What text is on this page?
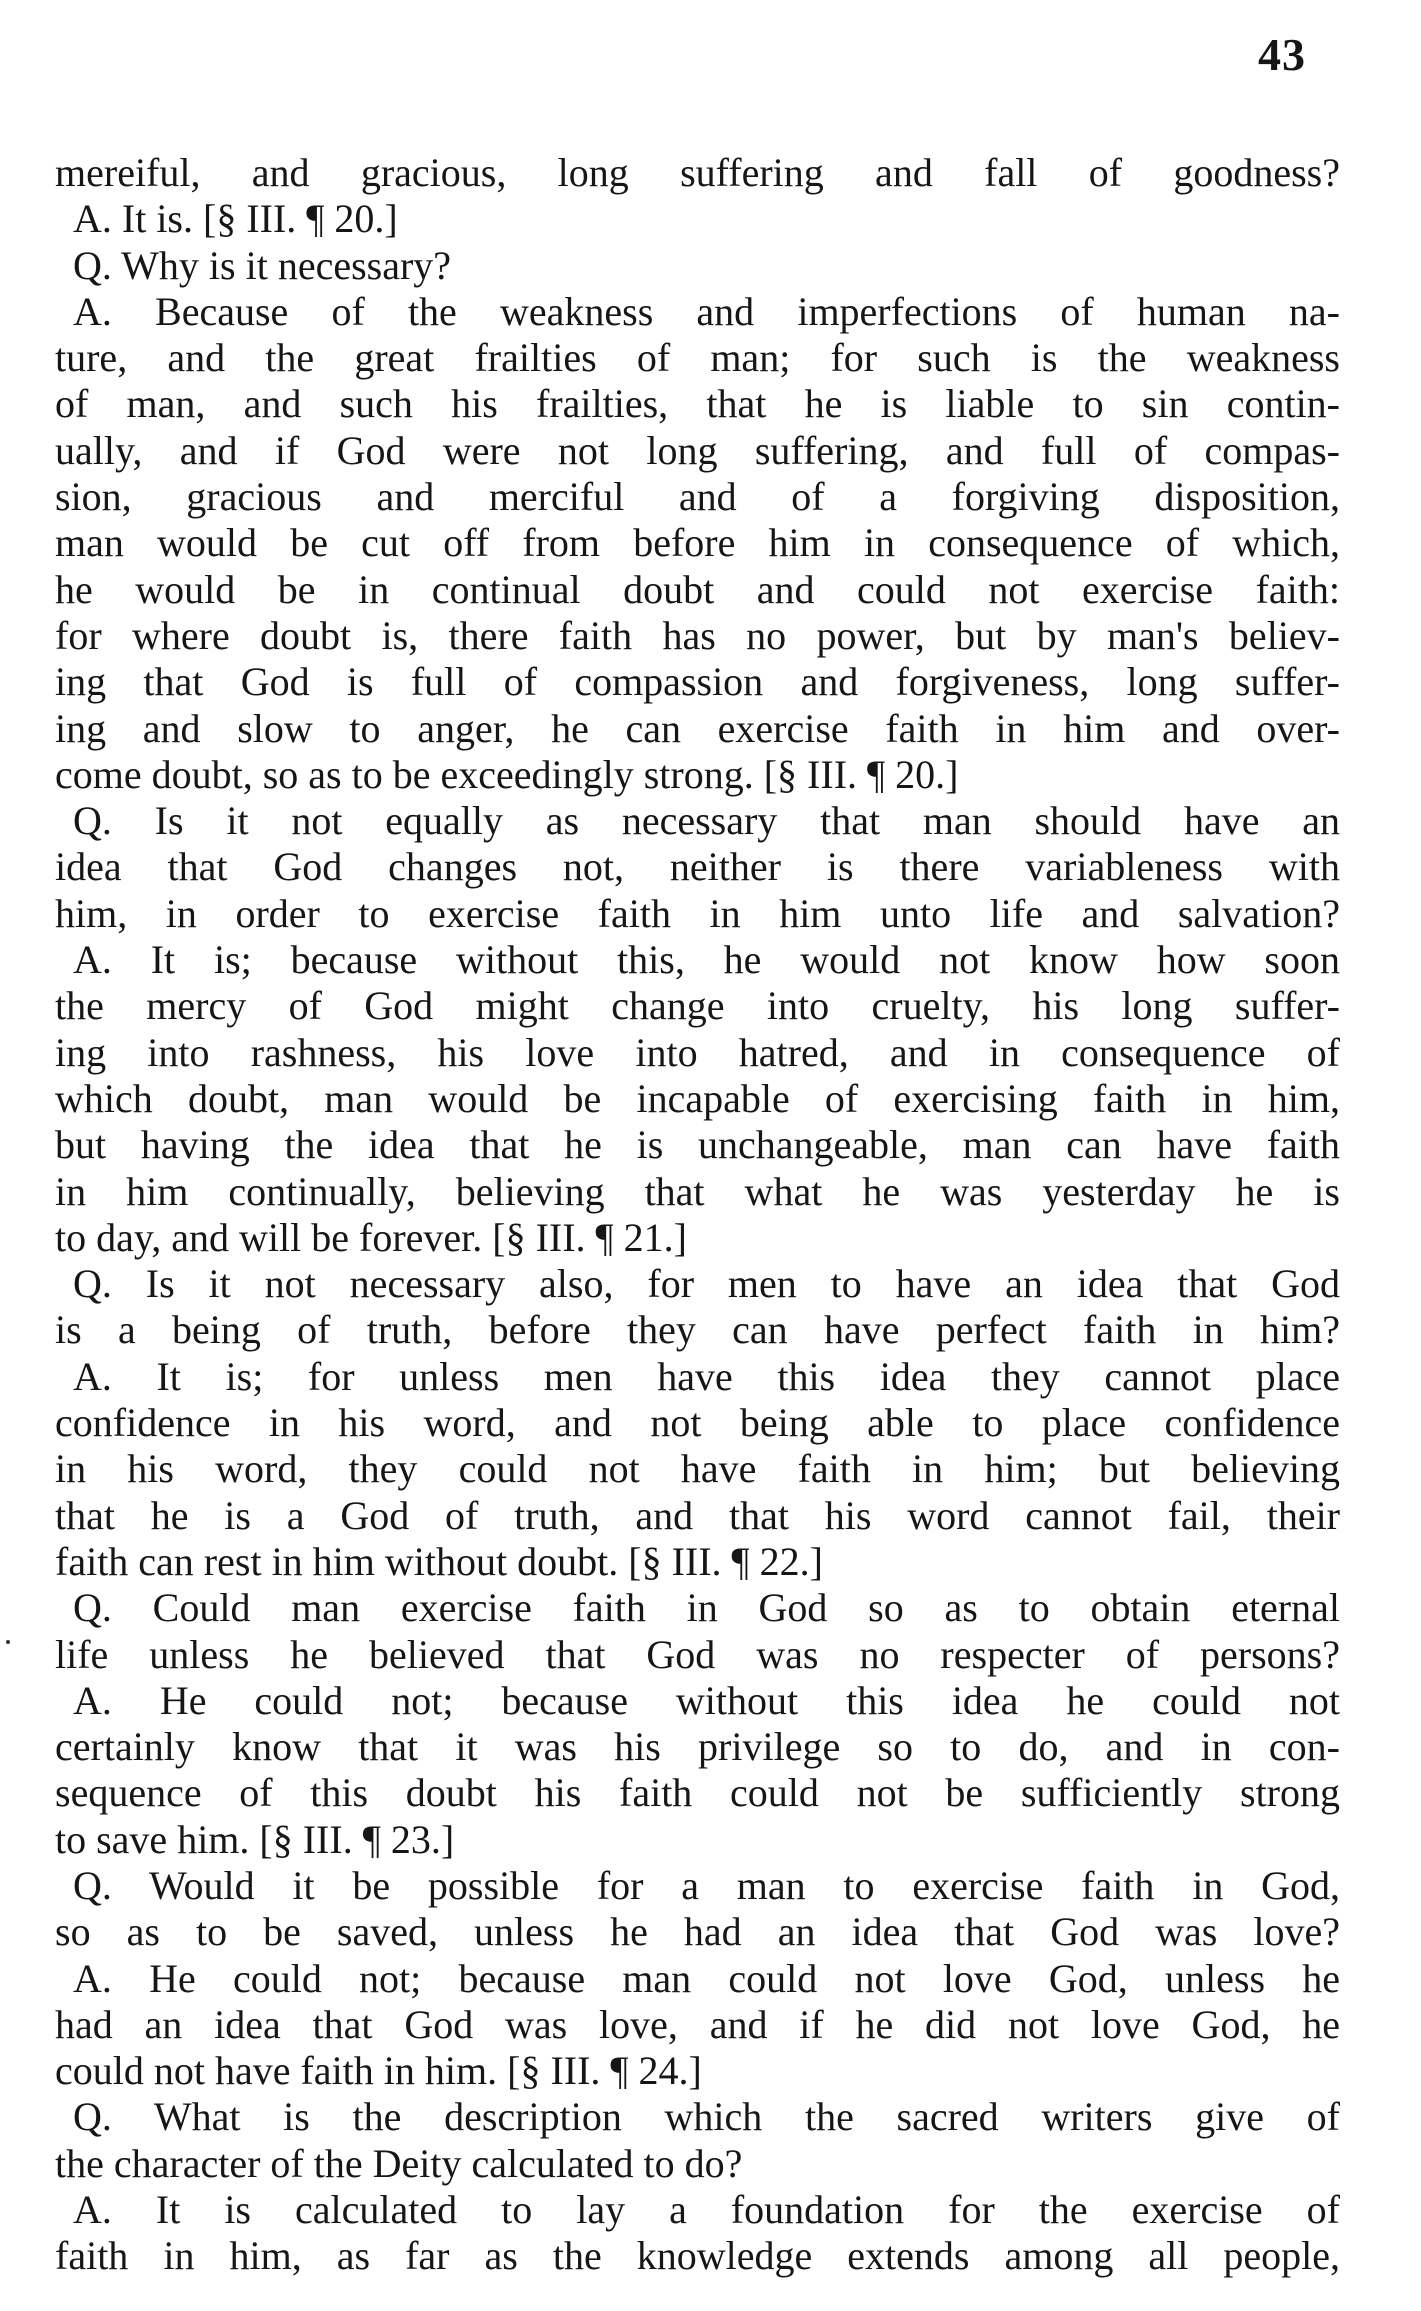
43
mereiful, and gracious, long suffering and fall of goodness?
A. It is. [§ III. ¶ 20.]
Q. Why is it necessary?
A. Because of the weakness and imperfections of human na-
ture, and the great frailties of man; for such is the weakness
of man, and such his frailties, that he is liable to sin contin-
ually, and if God were not long suffering, and full of compas-
sion, gracious and merciful and of a forgiving disposition,
man would be cut off from before him in consequence of which,
he would be in continual doubt and could not exercise faith:
for where doubt is, there faith has no power, but by man's believ-
ing that God is full of compassion and forgiveness, long suffer-
ing and slow to anger, he can exercise faith in him and over-
come doubt, so as to be exceedingly strong. [§ III. ¶ 20.]
Q. Is it not equally as necessary that man should have an
idea that God changes not, neither is there variableness with
him, in order to exercise faith in him unto life and salvation?
A. It is; because without this, he would not know how soon
the mercy of God might change into cruelty, his long suffer-
ing into rashness, his love into hatred, and in consequence of
which doubt, man would be incapable of exercising faith in him,
but having the idea that he is unchangeable, man can have faith
in him continually, believing that what he was yesterday he is
to day, and will be forever. [§ III. ¶ 21.]
Q. Is it not necessary also, for men to have an idea that God
is a being of truth, before they can have perfect faith in him?
A. It is; for unless men have this idea they cannot place
confidence in his word, and not being able to place confidence
in his word, they could not have faith in him; but believing
that he is a God of truth, and that his word cannot fail, their
faith can rest in him without doubt. [§ III. ¶ 22.]
Q. Could man exercise faith in God so as to obtain eternal
life unless he believed that God was no respecter of persons?
A. He could not; because without this idea he could not
certainly know that it was his privilege so to do, and in con-
sequence of this doubt his faith could not be sufficiently strong
to save him. [§ III. ¶ 23.]
Q. Would it be possible for a man to exercise faith in God,
so as to be saved, unless he had an idea that God was love?
A. He could not; because man could not love God, unless he
had an idea that God was love, and if he did not love God, he
could not have faith in him. [§ III. ¶ 24.]
Q. What is the description which the sacred writers give of
the character of the Deity calculated to do?
A. It is calculated to lay a foundation for the exercise of
faith in him, as far as the knowledge extends among all people,
